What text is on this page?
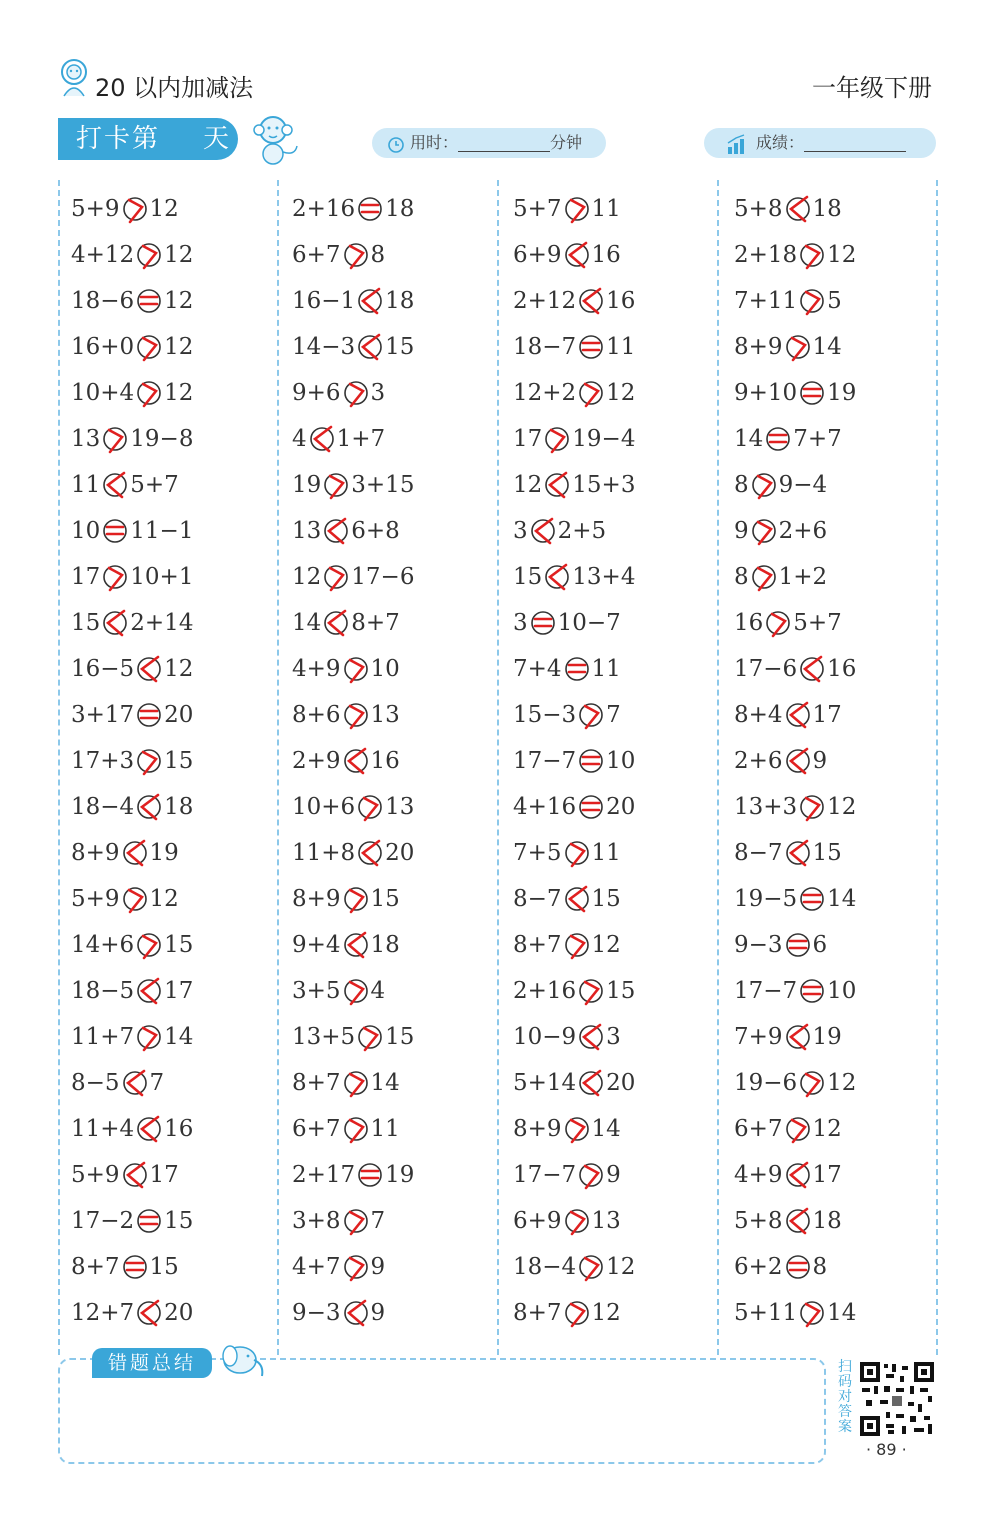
20 以内加减法	一年级下册
打卡第 天	用时：	分钟	成绩：
5+9 12
4+12 12
18−6 12
16+0 12
10+4 12
13 19−8
11 5+7
10 11−1
17 10+1
15 2+14
16−5 12
3+17 20
17+3 15
18−4 18
8+9 19
5+9 12
14+6 15
18−5 17
11+7 14
8−5 7
11+4 16
5+9 17
17−2 15
8+7 15
12+7 20
2+16 18
6+7 8
16−1 18
14−3 15
9+6 3
4 1+7
19 3+15
13 6+8
12 17−6
14 8+7
4+9 10
8+6 13
2+9 16
10+6 13
11+8 20
8+9 15
9+4 18
3+5 4
13+5 15
8+7 14
6+7 11
2+17 19
3+8 7
4+7 9
9−3 9
5+7 11
6+9 16
2+12 16
18−7 11
12+2 12
17 19−4
12 15+3
3 2+5
15 13+4
3 10−7
7+4 11
15−3 7
17−7 10
4+16 20
7+5 11
8−7 15
8+7 12
2+16 15
10−9 3
5+14 20
8+9 14
17−7 9
6+9 13
18−4 12
8+7 12
5+8 18
2+18 12
7+11 5
8+9 14
9+10 19
14 7+7
8 9−4
9 2+6
8 1+2
16 5+7
17−6 16
8+4 17
2+6 9
13+3 12
8−7 15
19−5 14
9−3 6
17−7 10
7+9 19
19−6 12
6+7 12
4+9 17
5+8 18
6+2 8
5+11 14
错题总结	扫码对答案
· 89 ·
